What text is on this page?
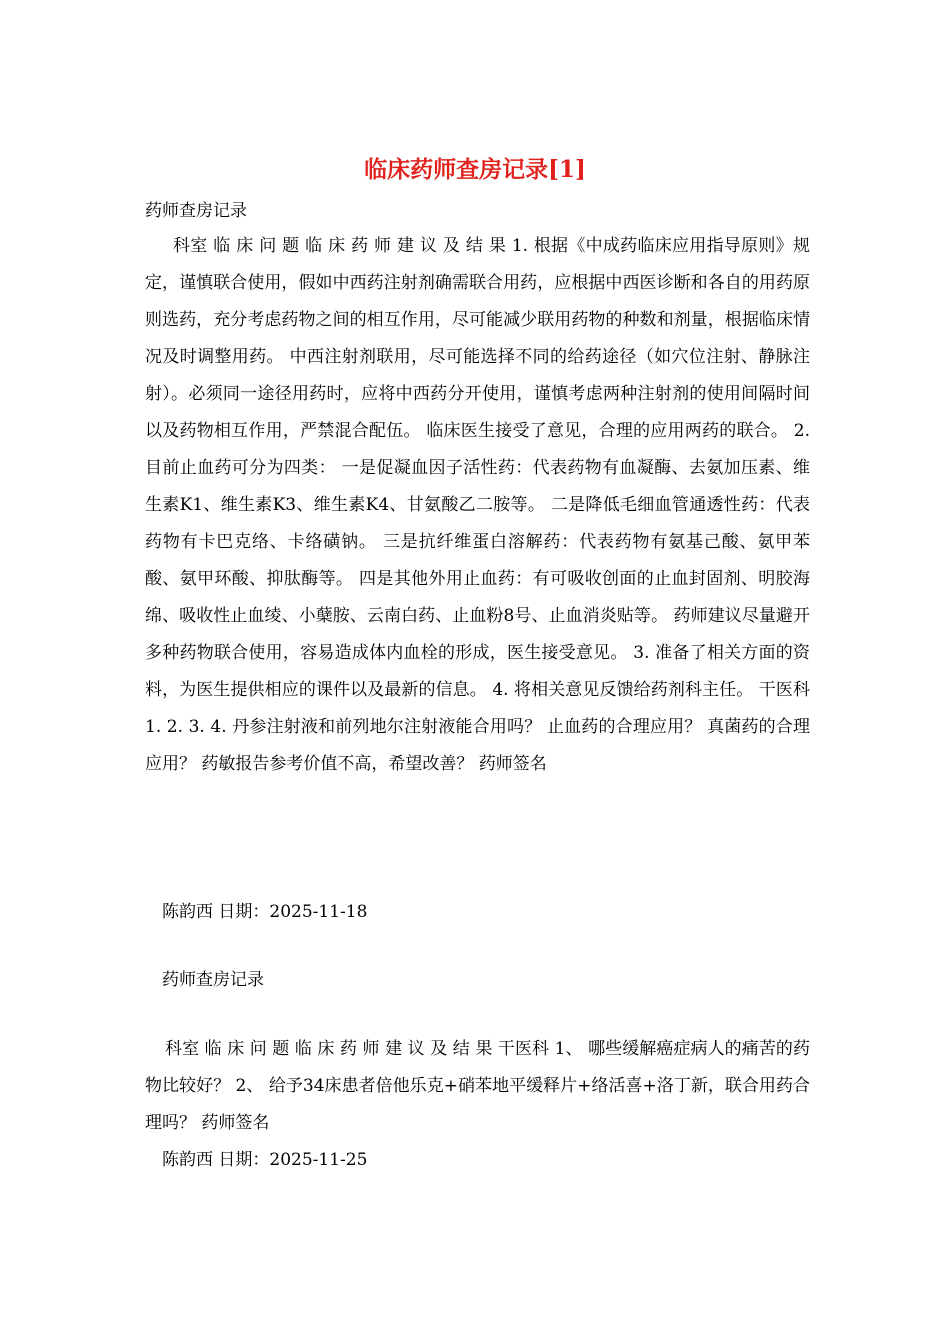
临床药师查房记录[1]

药师查房记录

科室 临 床 问 题 临 床 药 师 建 议 及 结 果 1. 根据《中成药临床应用指导原则》规定，谨慎联合使用，假如中西药注射剂确需联合用药，应根据中西医诊断和各自的用药原则选药，充分考虑药物之间的相互作用，尽可能减少联用药物的种数和剂量，根据临床情况及时调整用药。 中西注射剂联用，尽可能选择不同的给药途径（如穴位注射、静脉注射）。必须同一途径用药时，应将中西药分开使用，谨慎考虑两种注射剂的使用间隔时间以及药物相互作用，严禁混合配伍。 临床医生接受了意见，合理的应用两药的联合。 2. 目前止血药可分为四类： 一是促凝血因子活性药：代表药物有血凝酶、去氨加压素、维生素K1、维生素K3、维生素K4、甘氨酸乙二胺等。 二是降低毛细血管通透性药：代表药物有卡巴克络、卡络磺钠。 三是抗纤维蛋白溶解药：代表药物有氨基己酸、氨甲苯酸、氨甲环酸、抑肽酶等。 四是其他外用止血药：有可吸收创面的止血封固剂、明胶海绵、吸收性止血绫、小蘖胺、云南白药、止血粉8号、止血消炎贴等。 药师建议尽量避开多种药物联合使用，容易造成体内血栓的形成，医生接受意见。 3. 准备了相关方面的资料，为医生提供相应的课件以及最新的信息。 4. 将相关意见反馈给药剂科主任。 干医科 1. 2. 3. 4. 丹参注射液和前列地尔注射液能合用吗？ 止血药的合理应用？ 真菌药的合理应用？ 药敏报告参考价值不高，希望改善？ 药师签名

陈韵西 日期：2025-11-18

药师查房记录

科室 临 床 问 题 临 床 药 师 建 议 及 结 果 干医科 1、 哪些缓解癌症病人的痛苦的药物比较好？ 2、 给予34床患者倍他乐克+硝苯地平缓释片+络活喜+洛丁新，联合用药合理吗？ 药师签名

陈韵西 日期：2025-11-25
